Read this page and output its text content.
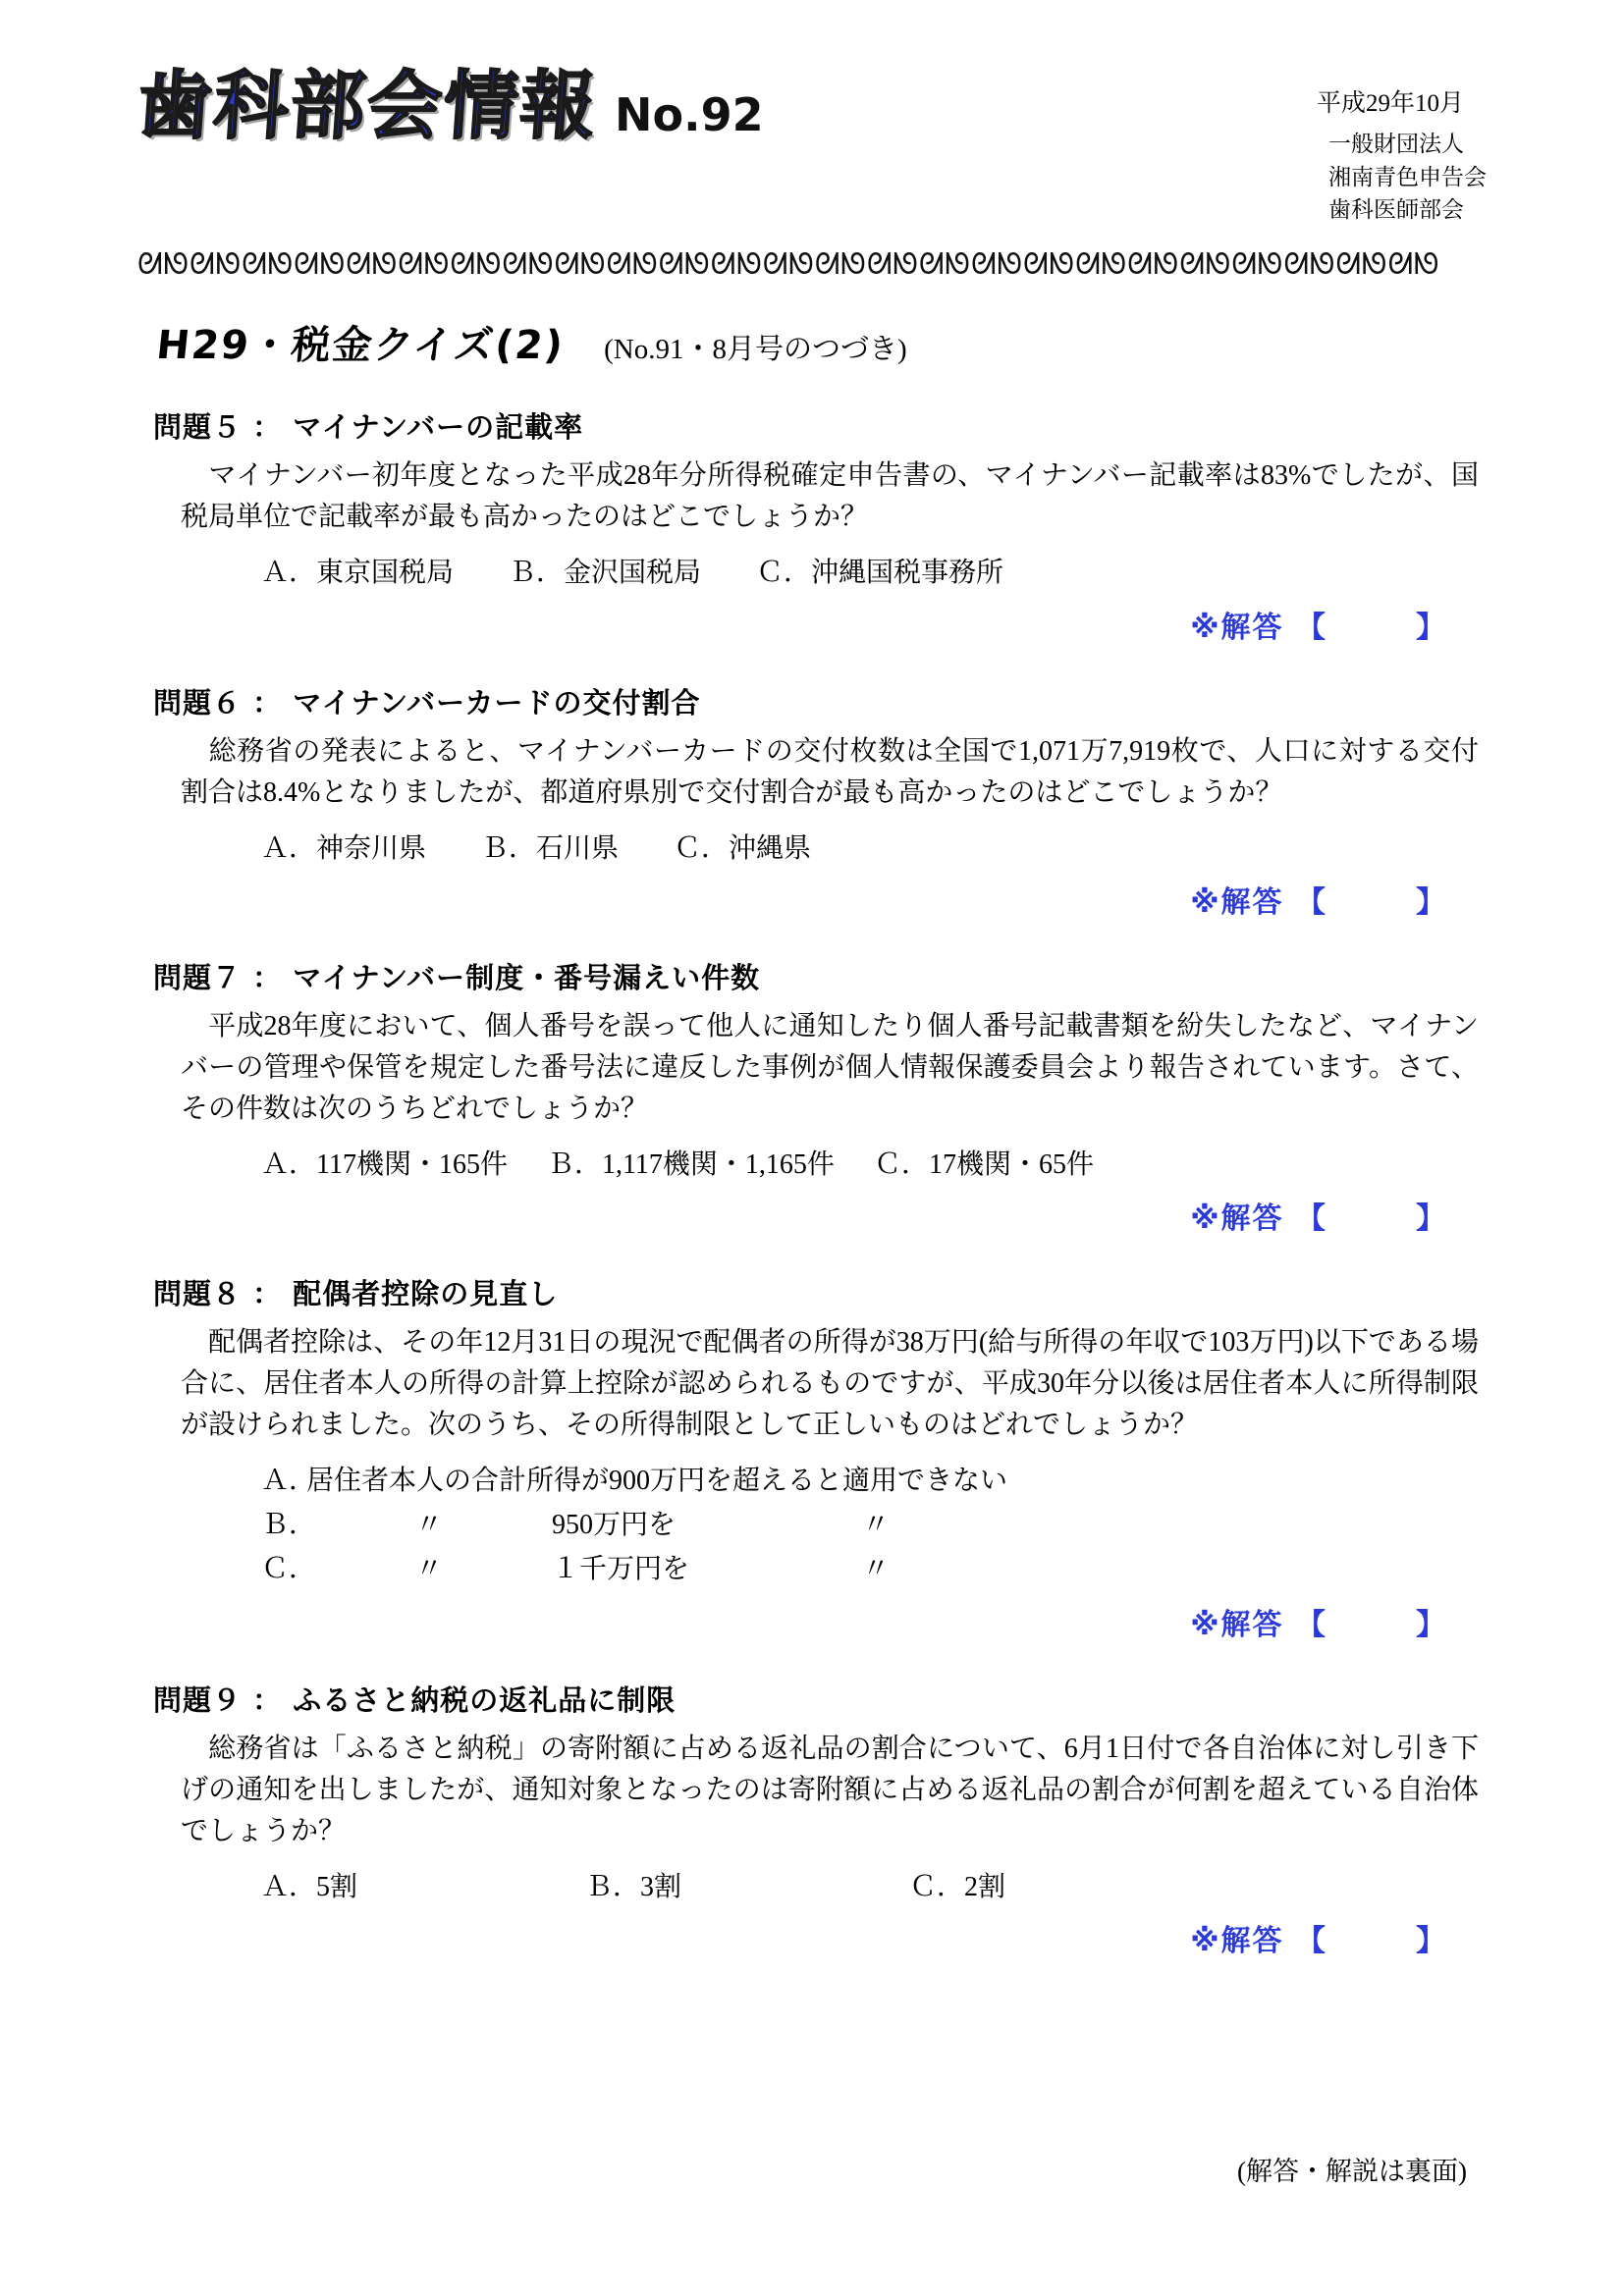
歯科部会情報 No.92	平成29年10月
一般財団法人
湘南青色申告会
歯科医師部会
ᘛᘚᘛᘚᘛᘚᘛᘚᘛᘚᘛᘚᘛᘚᘛᘚᘛᘚᘛᘚᘛᘚᘛᘚᘛᘚᘛᘚᘛᘚᘛᘚᘛᘚᘛᘚᘛᘚᘛᘚᘛᘚᘛᘚᘛᘚᘛᘚᘛᘚ
H29・税金クイズ(2) (No.91・8月号のつづき)
問題５ ： マイナンバーの記載率
マイナンバー初年度となった平成28年分所得税確定申告書の、マイナンバー記載率は83%でしたが、国税局単位で記載率が最も高かったのはどこでしょうか？
Ａ．東京国税局 Ｂ．金沢国税局 Ｃ．沖縄国税事務所
※解答 【	】
問題６ ： マイナンバーカードの交付割合
総務省の発表によると、マイナンバーカードの交付枚数は全国で1,071万7,919枚で、人口に対する交付割合は8.4%となりましたが、都道府県別で交付割合が最も高かったのはどこでしょうか？
Ａ．神奈川県 Ｂ．石川県 Ｃ．沖縄県
※解答 【	】
問題７ ： マイナンバー制度・番号漏えい件数
平成28年度において、個人番号を誤って他人に通知したり個人番号記載書類を紛失したなど、マイナンバーの管理や保管を規定した番号法に違反した事例が個人情報保護委員会より報告されています。さて、その件数は次のうちどれでしょうか？
Ａ．117機関・165件 Ｂ．1,117機関・1,165件 Ｃ．17機関・65件
※解答 【	】
問題８ ： 配偶者控除の見直し
配偶者控除は、その年12月31日の現況で配偶者の所得が38万円(給与所得の年収で103万円)以下である場合に、居住者本人の所得の計算上控除が認められるものですが、平成30年分以後は居住者本人に所得制限が設けられました。次のうち、その所得制限として正しいものはどれでしょうか？
Ａ．
居住者本人の合計所得が900万円を超えると適用できない
Ｂ．	〃	950万円を	〃
Ｃ．	〃	１千万円を	〃
※解答 【	】
問題９ ： ふるさと納税の返礼品に制限
総務省は「ふるさと納税」の寄附額に占める返礼品の割合について、6月1日付で各自治体に対し引き下げの通知を出しましたが、通知対象となったのは寄附額に占める返礼品の割合が何割を超えている自治体でしょうか？
Ａ．5割	Ｂ．3割	Ｃ．2割
※解答 【	】
(解答・解説は裏面)
